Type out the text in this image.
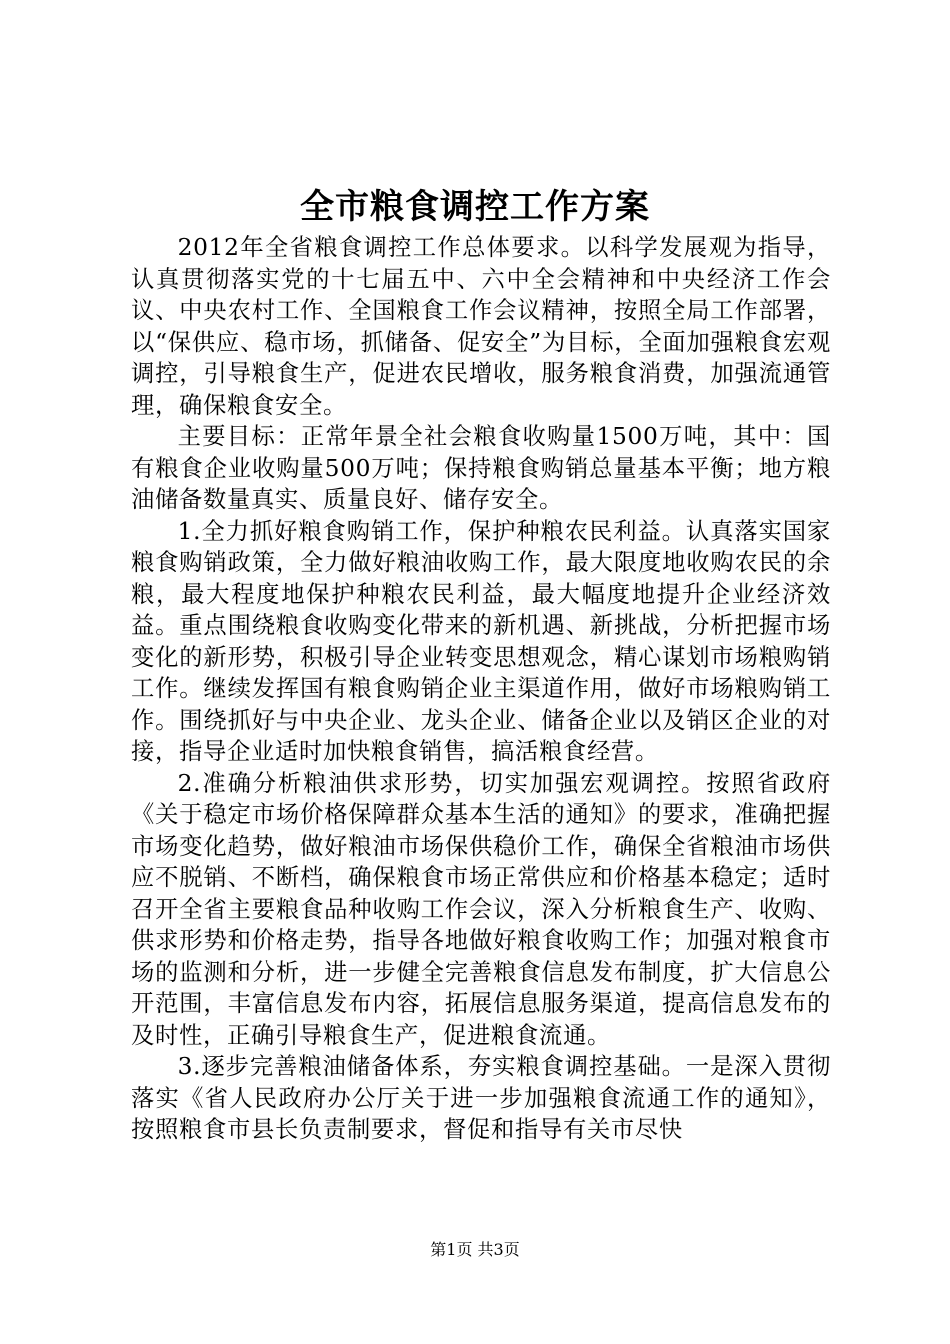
全市粮食调控工作方案

2012年全省粮食调控工作总体要求。以科学发展观为指导，认真贯彻落实党的十七届五中、六中全会精神和中央经济工作会议、中央农村工作、全国粮食工作会议精神，按照全局工作部署，以“保供应、稳市场，抓储备、促安全”为目标，全面加强粮食宏观调控，引导粮食生产，促进农民增收，服务粮食消费，加强流通管理，确保粮食安全。

主要目标：正常年景全社会粮食收购量1500万吨，其中：国有粮食企业收购量500万吨；保持粮食购销总量基本平衡；地方粮油储备数量真实、质量良好、储存安全。

1.全力抓好粮食购销工作，保护种粮农民利益。认真落实国家粮食购销政策，全力做好粮油收购工作，最大限度地收购农民的余粮，最大程度地保护种粮农民利益，最大幅度地提升企业经济效益。重点围绕粮食收购变化带来的新机遇、新挑战，分析把握市场变化的新形势，积极引导企业转变思想观念，精心谋划市场粮购销工作。继续发挥国有粮食购销企业主渠道作用，做好市场粮购销工作。围绕抓好与中央企业、龙头企业、储备企业以及销区企业的对接，指导企业适时加快粮食销售，搞活粮食经营。

2.准确分析粮油供求形势，切实加强宏观调控。按照省政府《关于稳定市场价格保障群众基本生活的通知》的要求，准确把握市场变化趋势，做好粮油市场保供稳价工作，确保全省粮油市场供应不脱销、不断档，确保粮食市场正常供应和价格基本稳定；适时召开全省主要粮食品种收购工作会议，深入分析粮食生产、收购、供求形势和价格走势，指导各地做好粮食收购工作；加强对粮食市场的监测和分析，进一步健全完善粮食信息发布制度，扩大信息公开范围，丰富信息发布内容，拓展信息服务渠道，提高信息发布的及时性，正确引导粮食生产，促进粮食流通。

3.逐步完善粮油储备体系，夯实粮食调控基础。一是深入贯彻落实《省人民政府办公厅关于进一步加强粮食流通工作的通知》，按照粮食市县长负责制要求，督促和指导有关市尽快

第1页 共3页
